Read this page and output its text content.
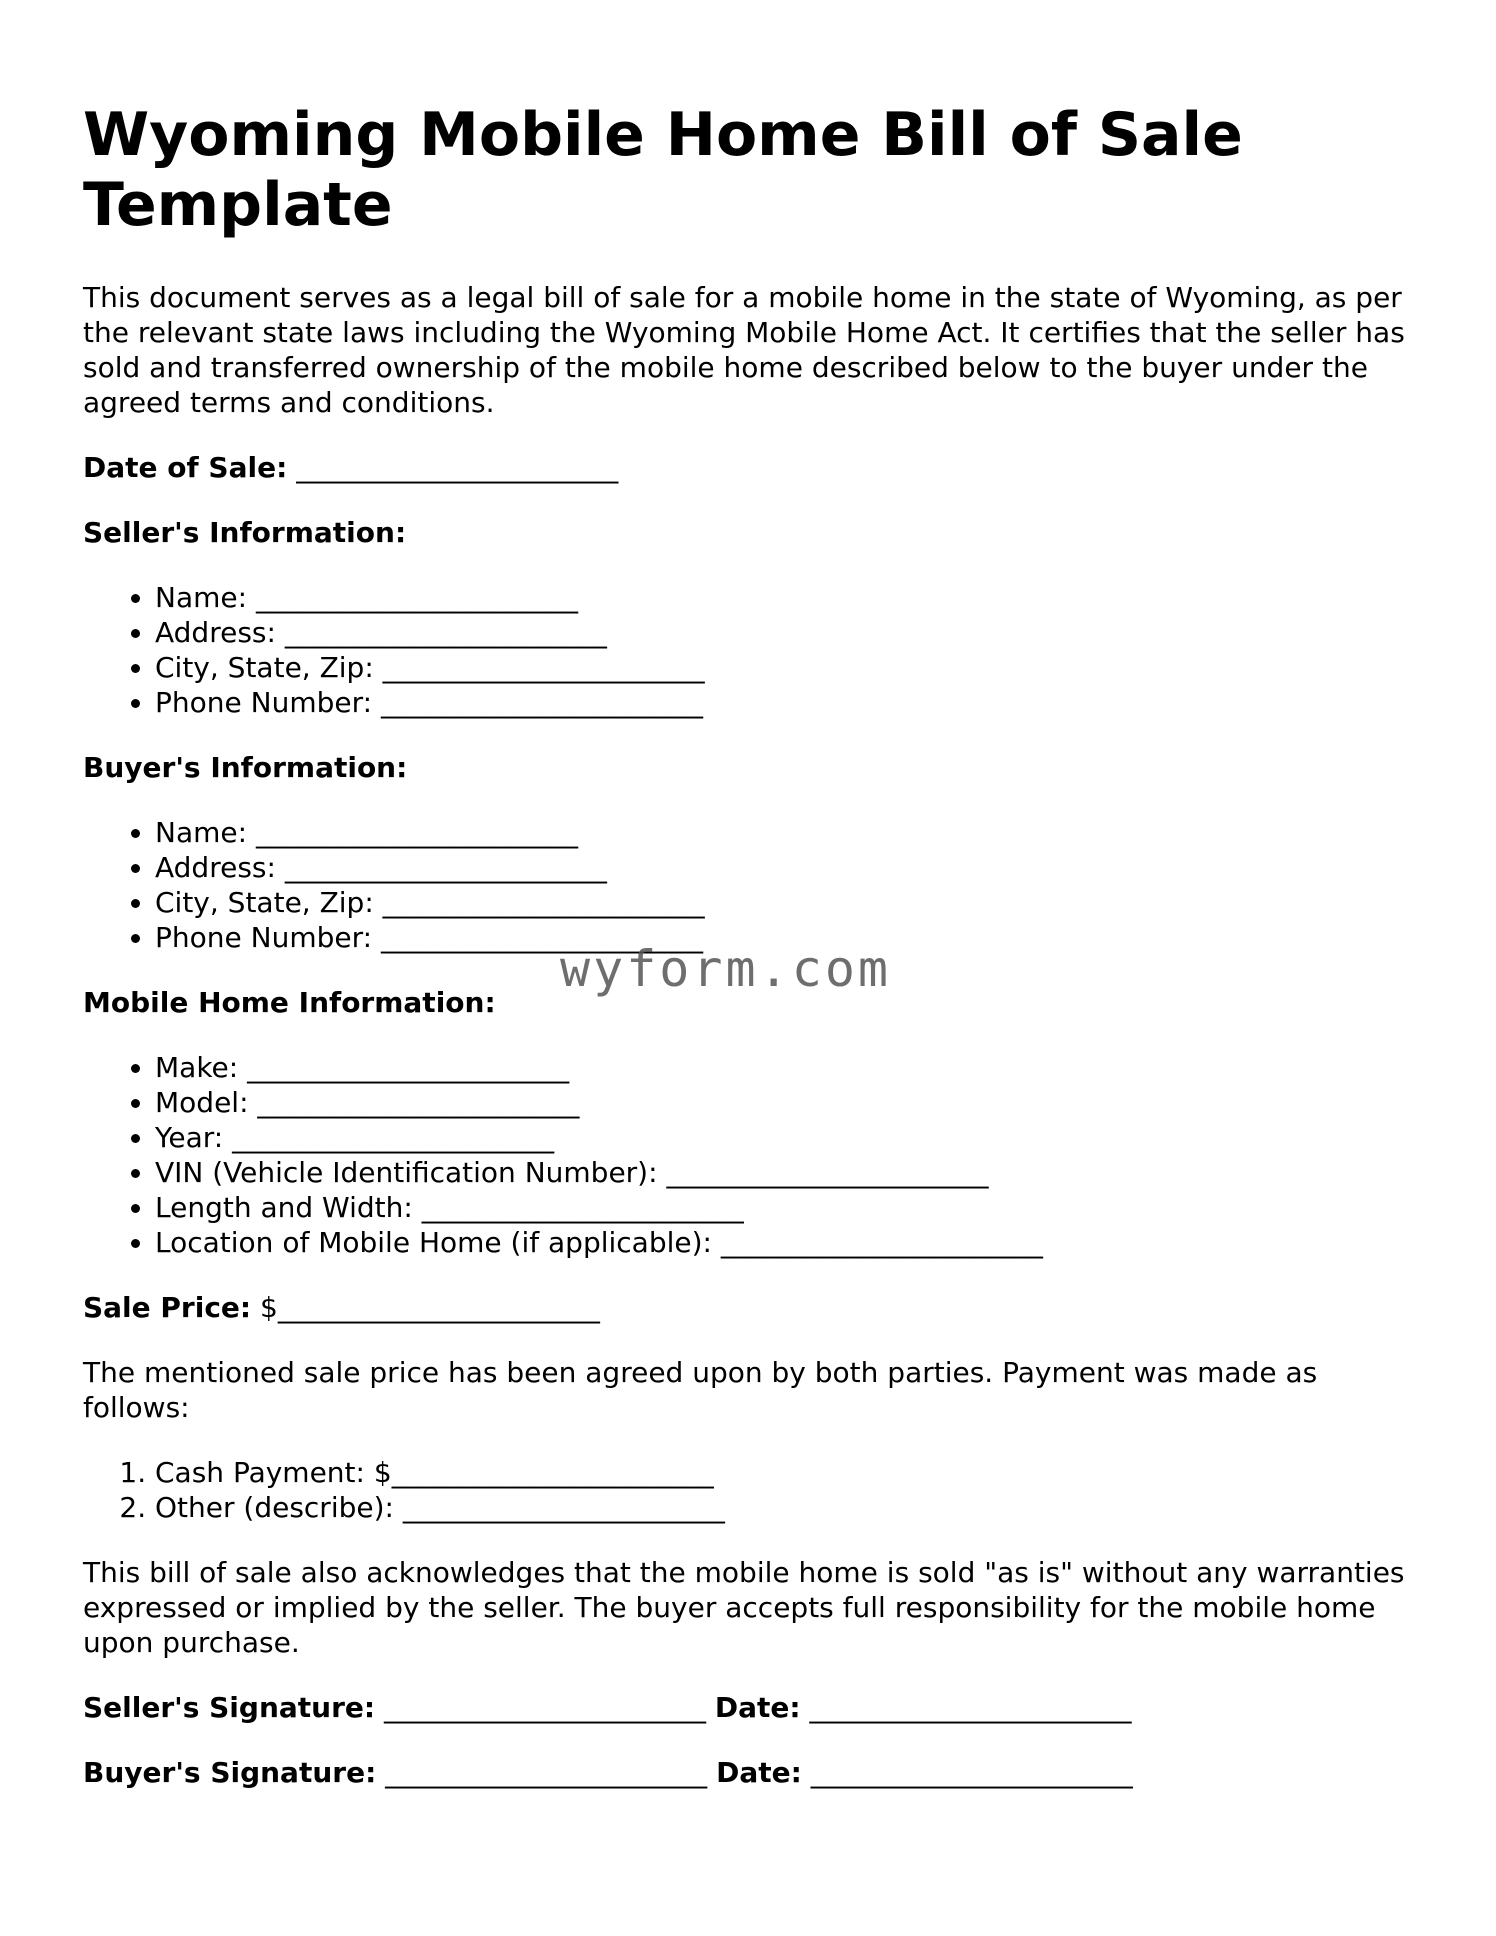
Wyoming Mobile Home Bill of Sale Template

This document serves as a legal bill of sale for a mobile home in the state of Wyoming, as per the relevant state laws including the Wyoming Mobile Home Act. It certifies that the seller has sold and transferred ownership of the mobile home described below to the buyer under the agreed terms and conditions.

Date of Sale: _______________________
Seller's Information:
• Name: _______________________
• Address: _______________________
• City, State, Zip: _______________________
• Phone Number: _______________________
Buyer's Information:
• Name: _______________________
• Address: _______________________
• City, State, Zip: _______________________
• Phone Number: _______________________
Mobile Home Information:
• Make: _______________________
• Model: _______________________
• Year: _______________________
• VIN (Vehicle Identification Number): _______________________
• Length and Width: _______________________
• Location of Mobile Home (if applicable): _______________________
Sale Price: $_______________________

The mentioned sale price has been agreed upon by both parties. Payment was made as follows:

1. Cash Payment: $_______________________
2. Other (describe): _______________________

This bill of sale also acknowledges that the mobile home is sold "as is" without any warranties expressed or implied by the seller. The buyer accepts full responsibility for the mobile home upon purchase.

Seller's Signature: _______________________ Date: _______________________
Buyer's Signature: _______________________ Date: _______________________
wyform.com
